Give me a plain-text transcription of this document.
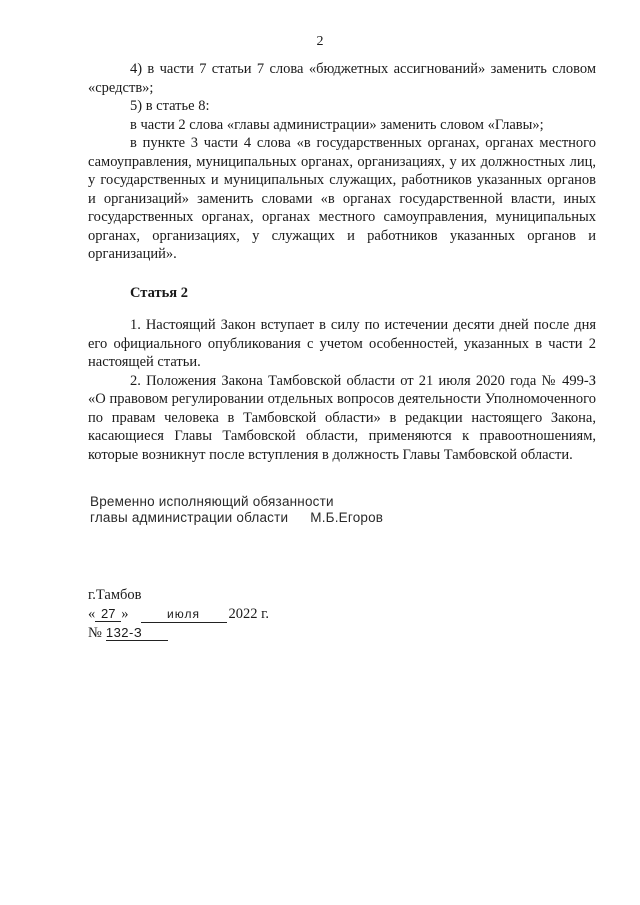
2

4) в части 7 статьи 7 слова «бюджетных ассигнований» заменить словом «средств»;

5) в статье 8:

в части 2 слова «главы администрации» заменить словом «Главы»;

в пункте 3 части 4 слова «в государственных органах, органах местного самоуправления, муниципальных органах, организациях, у их должностных лиц, у государственных и муниципальных служащих, работников указанных органов и организаций» заменить словами «в органах государственной власти, иных государственных органах, органах местного самоуправления, муниципальных органах, организациях, у служащих и работников указанных органов и организаций».

Статья 2

1. Настоящий Закон вступает в силу по истечении десяти дней после дня его официального опубликования с учетом особенностей, указанных в части 2 настоящей статьи.

2. Положения Закона Тамбовской области от 21 июля 2020 года № 499-З «О правовом регулировании отдельных вопросов деятельности Уполномоченного по правам человека в Тамбовской области» в редакции настоящего Закона, касающиеся Главы Тамбовской области, применяются к правоотношениям, которые возникнут после вступления в должность Главы Тамбовской области.

Временно исполняющий обязанности
главы администрации области М.Б.Егоров
г.Тамбов
« 27 »	июля	2022 г.
№ 132-З
